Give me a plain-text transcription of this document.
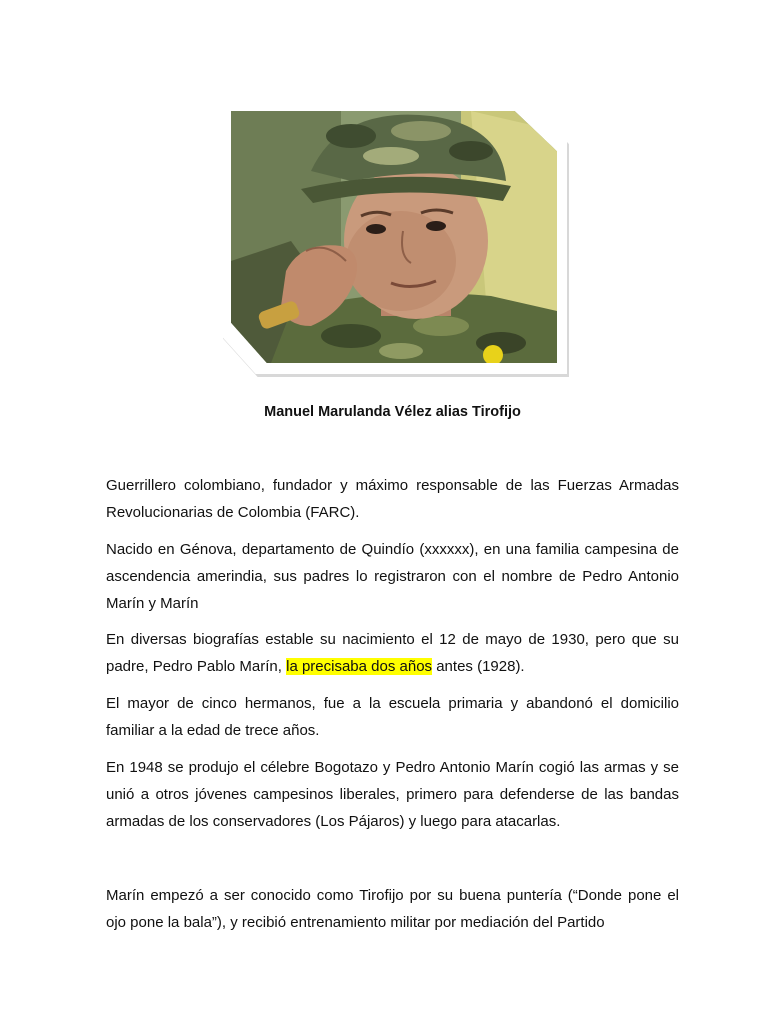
Manuel Marulanda Vélez alias Tirofijo

Guerrillero colombiano, fundador y máximo responsable de las Fuerzas Armadas Revolucionarias de Colombia (FARC).

Nacido en Génova, departamento de Quindío (xxxxxx), en una familia campesina de ascendencia amerindia, sus padres lo registraron con el nombre de Pedro Antonio Marín y Marín

En diversas biografías estable su nacimiento el 12 de mayo de 1930, pero que su padre, Pedro Pablo Marín, la precisaba dos años antes (1928).

El mayor de cinco hermanos, fue a la escuela primaria y abandonó el domicilio familiar a la edad de trece años.

En 1948 se produjo el célebre Bogotazo y Pedro Antonio Marín cogió las armas y se unió a otros jóvenes campesinos liberales, primero para defenderse de las bandas armadas de los conservadores (Los Pájaros) y luego para atacarlas.

Marín empezó a ser conocido como Tirofijo por su buena puntería (“Donde pone el ojo pone la bala”), y recibió entrenamiento militar por mediación del Partido
